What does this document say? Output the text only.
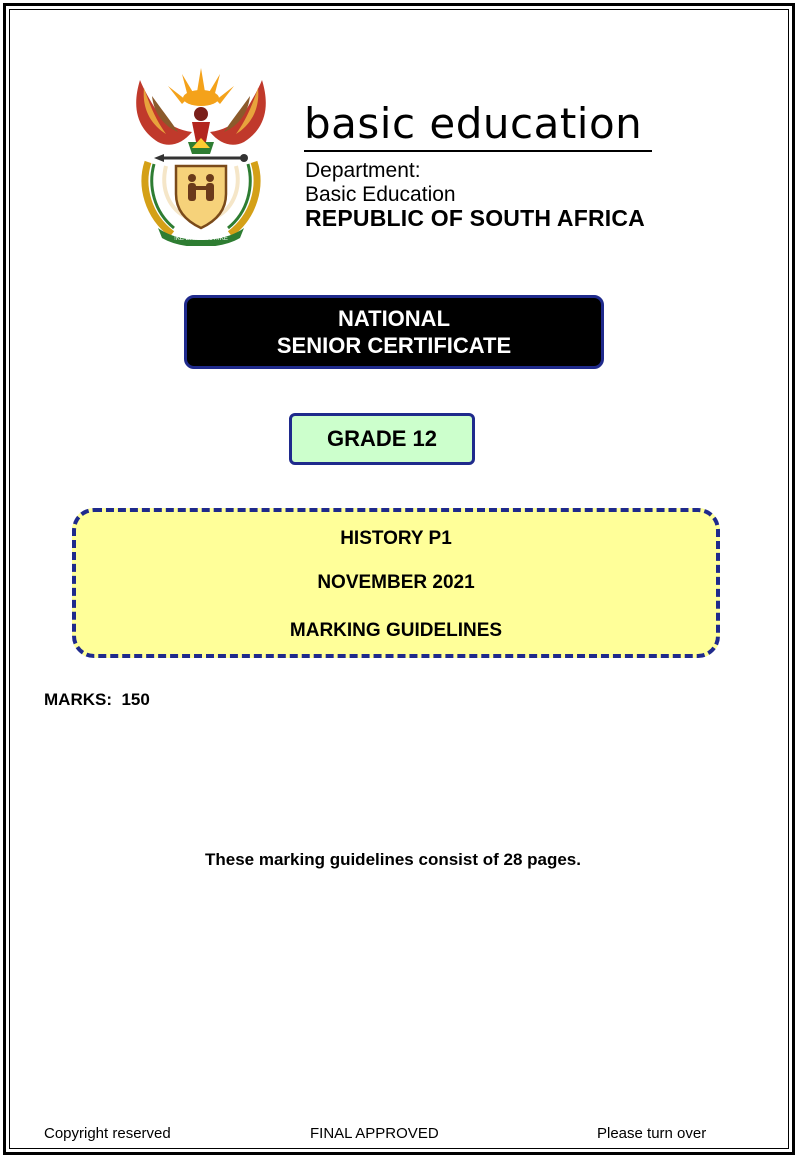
!KE E: /XARRA //KE
basic education
Department:
Basic Education
REPUBLIC OF SOUTH AFRICA
NATIONAL
SENIOR CERTIFICATE
GRADE 12
HISTORY P1
NOVEMBER 2021
MARKING GUIDELINES
MARKS:  150
These marking guidelines consist of 28 pages.
Copyright reserved	FINAL APPROVED	Please turn over
